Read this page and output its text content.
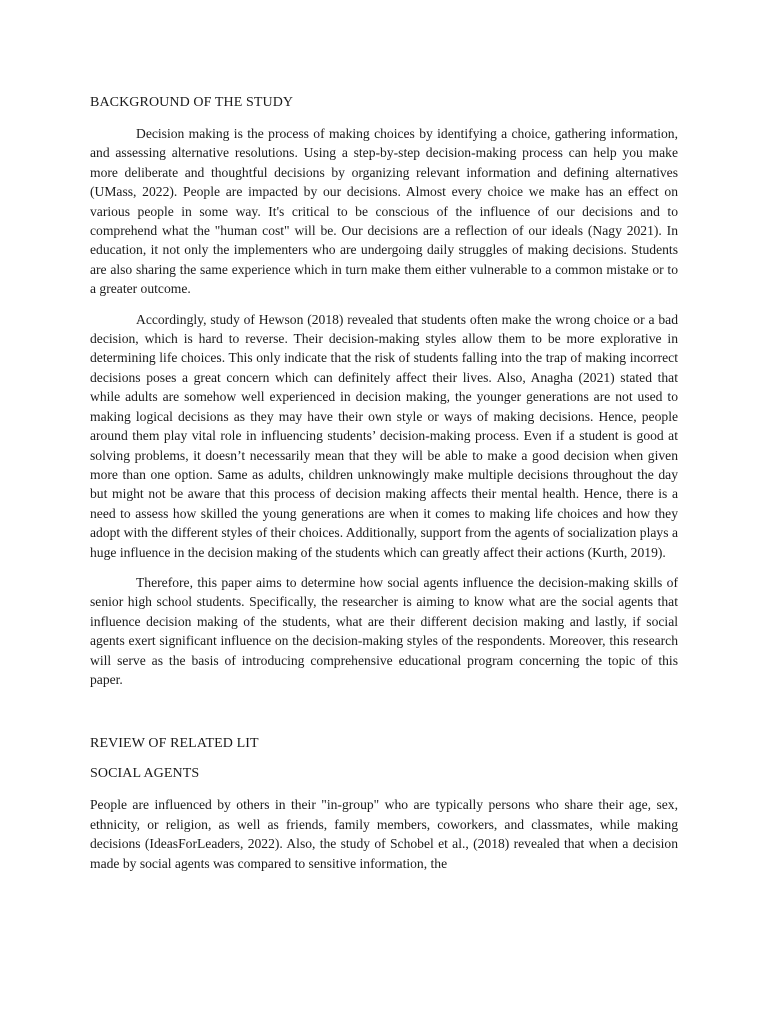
BACKGROUND OF THE STUDY

Decision making is the process of making choices by identifying a choice, gathering information, and assessing alternative resolutions. Using a step-by-step decision-making process can help you make more deliberate and thoughtful decisions by organizing relevant information and defining alternatives (UMass, 2022). People are impacted by our decisions. Almost every choice we make has an effect on various people in some way. It's critical to be conscious of the influence of our decisions and to comprehend what the "human cost" will be. Our decisions are a reflection of our ideals (Nagy 2021). In education, it not only the implementers who are undergoing daily struggles of making decisions. Students are also sharing the same experience which in turn make them either vulnerable to a common mistake or to a greater outcome.

Accordingly, study of Hewson (2018) revealed that students often make the wrong choice or a bad decision, which is hard to reverse. Their decision-making styles allow them to be more explorative in determining life choices. This only indicate that the risk of students falling into the trap of making incorrect decisions poses a great concern which can definitely affect their lives. Also, Anagha (2021) stated that while adults are somehow well experienced in decision making, the younger generations are not used to making logical decisions as they may have their own style or ways of making decisions. Hence, people around them play vital role in influencing students’ decision-making process. Even if a student is good at solving problems, it doesn’t necessarily mean that they will be able to make a good decision when given more than one option. Same as adults, children unknowingly make multiple decisions throughout the day but might not be aware that this process of decision making affects their mental health. Hence, there is a need to assess how skilled the young generations are when it comes to making life choices and how they adopt with the different styles of their choices. Additionally, support from the agents of socialization plays a huge influence in the decision making of the students which can greatly affect their actions (Kurth, 2019).

Therefore, this paper aims to determine how social agents influence the decision-making skills of senior high school students. Specifically, the researcher is aiming to know what are the social agents that influence decision making of the students, what are their different decision making and lastly, if social agents exert significant influence on the decision-making styles of the respondents. Moreover, this research will serve as the basis of introducing comprehensive educational program concerning the topic of this paper.

REVIEW OF RELATED LIT
SOCIAL AGENTS

People are influenced by others in their "in-group" who are typically persons who share their age, sex, ethnicity, or religion, as well as friends, family members, coworkers, and classmates, while making decisions (IdeasForLeaders, 2022). Also, the study of Schobel et al., (2018) revealed that when a decision made by social agents was compared to sensitive information, the
